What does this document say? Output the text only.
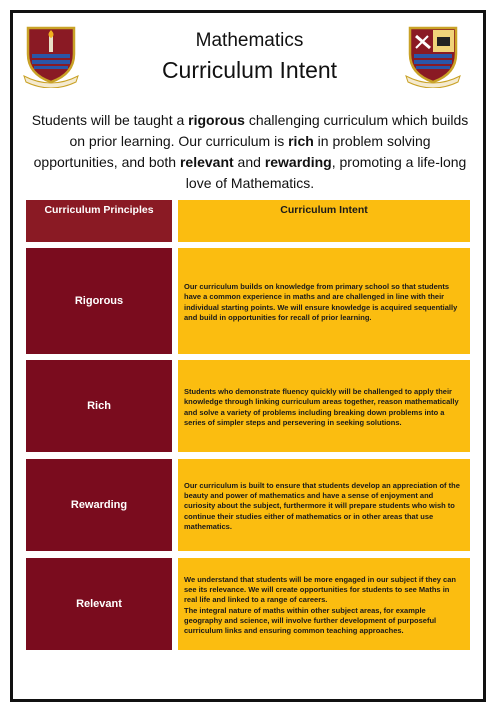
Mathematics
Curriculum Intent
Students will be taught a rigorous challenging curriculum which builds on prior learning. Our curriculum is rich in problem solving opportunities, and both relevant and rewarding, promoting a life-long love of Mathematics.
Curriculum Principles	Curriculum Intent
Rigorous
Our curriculum builds on knowledge from primary school so that students have a common experience in maths and are challenged in line with their individual starting points. We will ensure knowledge is acquired sequentially and build in opportunities for recall of prior learning.
Rich
Students who demonstrate fluency quickly will be challenged to apply their knowledge through linking curriculum areas together, reason mathematically and solve a variety of problems including breaking down problems into a series of simpler steps and persevering in seeking solutions.
Rewarding
Our curriculum is built to ensure that students develop an appreciation of the beauty and power of mathematics and have a sense of enjoyment and curiosity about the subject, furthermore it will prepare students who wish to continue their studies either of mathematics or in other areas that use mathematics.
Relevant
We understand that students will be more engaged in our subject if they can see its relevance. We will create opportunities for students to see Maths in real life and linked to a range of careers.
The integral nature of maths within other subject areas, for example geography and science, will involve further development of purposeful curriculum links and ensuring common teaching approaches.
